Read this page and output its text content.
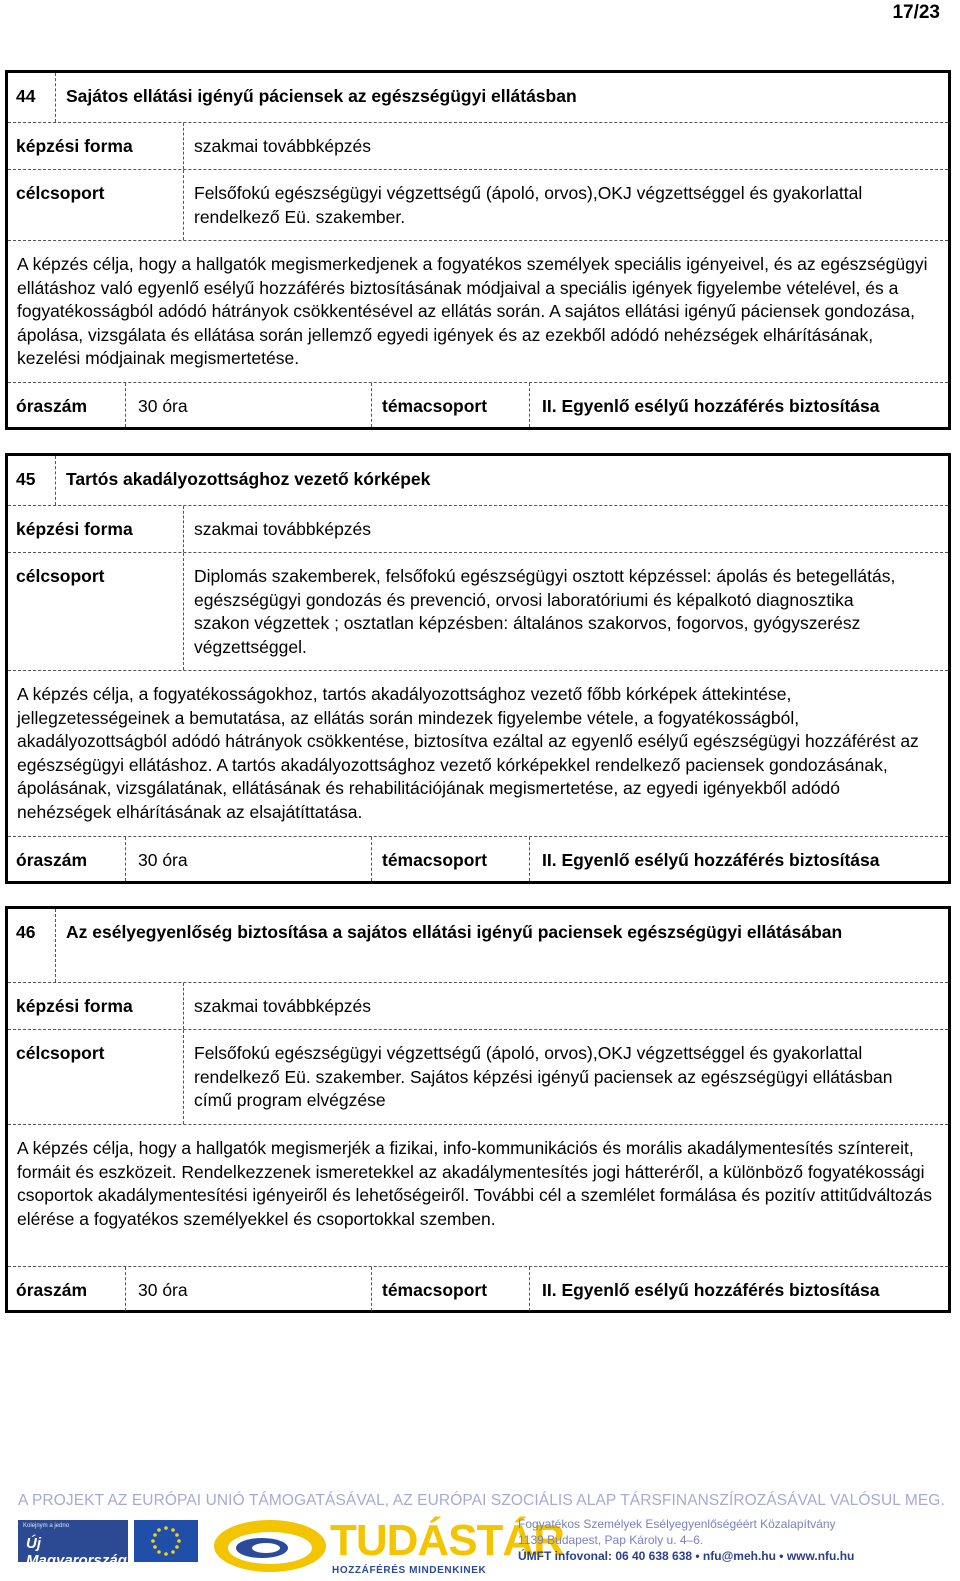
17/23
44	Sajátos ellátási igényű páciensek az egészségügyi ellátásban
képzési forma	szakmai továbbképzés
célcsoport	Felsőfokú egészségügyi végzettségű (ápoló, orvos),OKJ végzettséggel és gyakorlattal rendelkező Eü. szakember.
A képzés célja, hogy a hallgatók megismerkedjenek a fogyatékos személyek speciális igényeivel, és az egészségügyi ellátáshoz való egyenlő esélyű hozzáférés biztosításának módjaival a speciális igények figyelembe vételével, és a fogyatékosságból adódó hátrányok csökkentésével az ellátás során. A sajátos ellátási igényű páciensek gondozása, ápolása, vizsgálata és ellátása során jellemző egyedi igények és az ezekből adódó nehézségek elhárításának, kezelési módjainak megismertetése.
óraszám	30 óra	témacsoport	II. Egyenlő esélyű hozzáférés biztosítása
45	Tartós akadályozottsághoz vezető kórképek
képzési forma	szakmai továbbképzés
célcsoport	Diplomás szakemberek, felsőfokú egészségügyi osztott képzéssel: ápolás és betegellátás, egészségügyi gondozás és prevenció, orvosi laboratóriumi és képalkotó diagnosztika szakon végzettek ; osztatlan képzésben: általános szakorvos, fogorvos, gyógyszerész végzettséggel.
A képzés célja, a fogyatékosságokhoz, tartós akadályozottsághoz vezető főbb kórképek áttekintése, jellegzetességeinek a bemutatása, az ellátás során mindezek figyelembe vétele, a fogyatékosságból, akadályozottságból adódó hátrányok csökkentése, biztosítva ezáltal az egyenlő esélyű egészségügyi hozzáférést az egészségügyi ellátáshoz. A tartós akadályozottsághoz vezető kórképekkel rendelkező paciensek gondozásának, ápolásának, vizsgálatának, ellátásának és rehabilitációjának megismertetése, az egyedi igényekből adódó nehézségek elhárításának az elsajátíttatása.
óraszám	30 óra	témacsoport	II. Egyenlő esélyű hozzáférés biztosítása
46	Az esélyegyenlőség biztosítása a sajátos ellátási igényű paciensek egészségügyi ellátásában
képzési forma	szakmai továbbképzés
célcsoport	Felsőfokú egészségügyi végzettségű (ápoló, orvos),OKJ végzettséggel és gyakorlattal rendelkező Eü. szakember. Sajátos képzési igényű paciensek az egészségügyi ellátásban című program elvégzése
A képzés célja, hogy a hallgatók megismerjék a fizikai, info-kommunikációs és morális akadálymentesítés színtereit, formáit és eszközeit. Rendelkezzenek ismeretekkel az akadálymentesítés jogi hátteréről, a különböző fogyatékossági csoportok akadálymentesítési igényeiről és lehetőségeiről. További cél a szemlélet formálása és pozitív attitűdváltozás elérése a fogyatékos személyekkel és csoportokkal szemben.
óraszám	30 óra	témacsoport	II. Egyenlő esélyű hozzáférés biztosítása
A PROJEKT AZ EURÓPAI UNIÓ TÁMOGATÁSÁVAL, AZ EURÓPAI SZOCIÁLIS ALAP TÁRSFINANSZÍROZÁSÁVAL VALÓSUL MEG.
Kolejnym a jedno
Új Magyarország	TUDÁSTÁR
HOZZÁFÉRÉS MINDENKINEK
Fogyatékos Személyek Esélyegyenlőségéért Közalapítvány
1139 Budapest, Pap Károly u. 4–6.
ÚMFT infovonal: 06 40 638 638 • nfu@meh.hu • www.nfu.hu
